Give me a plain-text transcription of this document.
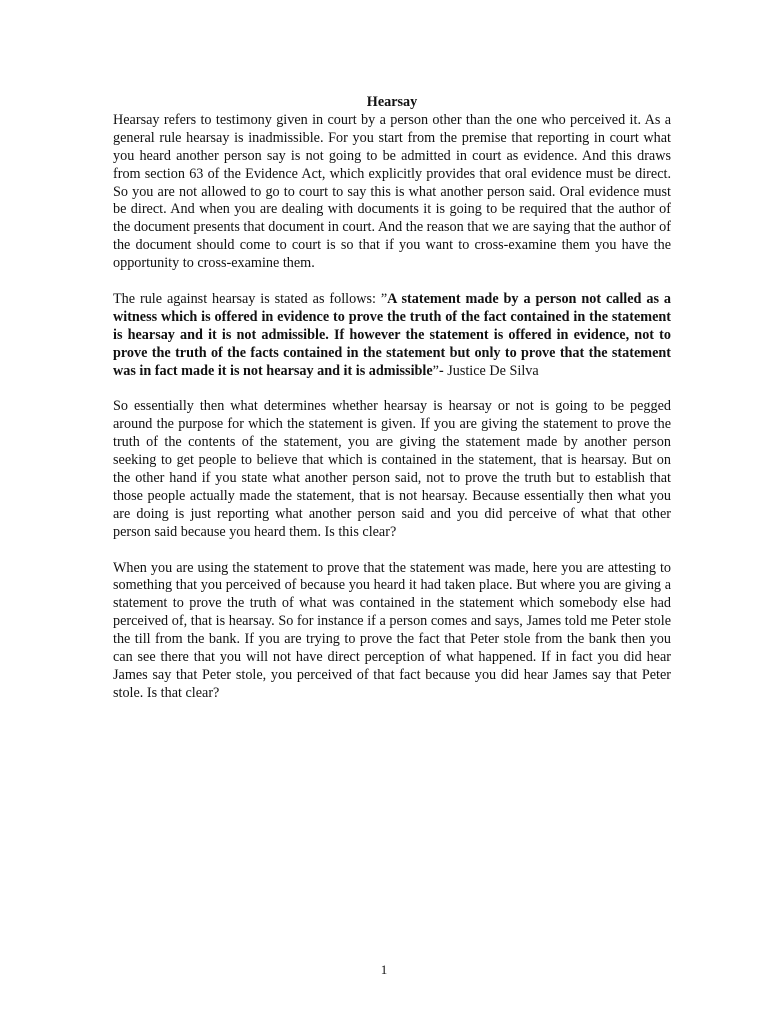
Hearsay

Hearsay refers to testimony given in court by a person other than the one who perceived it. As a general rule hearsay is inadmissible. For you start from the premise that reporting in court what you heard another person say is not going to be admitted in court as evidence. And this draws from section 63 of the Evidence Act, which explicitly provides that oral evidence must be direct. So you are not allowed to go to court to say this is what another person said. Oral evidence must be direct. And when you are dealing with documents it is going to be required that the author of the document presents that document in court. And the reason that we are saying that the author of the document should come to court is so that if you want to cross-examine them you have the opportunity to cross-examine them.

The rule against hearsay is stated as follows: ”A statement made by a person not called as a witness which is offered in evidence to prove the truth of the fact contained in the statement is hearsay and it is not admissible. If however the statement is offered in evidence, not to prove the truth of the facts contained in the statement but only to prove that the statement was in fact made it is not hearsay and it is admissible”- Justice De Silva

So essentially then what determines whether hearsay is hearsay or not is going to be pegged around the purpose for which the statement is given. If you are giving the statement to prove the truth of the contents of the statement, you are giving the statement made by another person seeking to get people to believe that which is contained in the statement, that is hearsay. But on the other hand if you state what another person said, not to prove the truth but to establish that those people actually made the statement, that is not hearsay. Because essentially then what you are doing is just reporting what another person said and you did perceive of what that other person said because you heard them. Is this clear?

When you are using the statement to prove that the statement was made, here you are attesting to something that you perceived of because you heard it had taken place. But where you are giving a statement to prove the truth of what was contained in the statement which somebody else had perceived of, that is hearsay. So for instance if a person comes and says, James told me Peter stole the till from the bank. If you are trying to prove the fact that Peter stole from the bank then you can see there that you will not have direct perception of what happened. If in fact you did hear James say that Peter stole, you perceived of that fact because you did hear James say that Peter stole. Is that clear?

1
